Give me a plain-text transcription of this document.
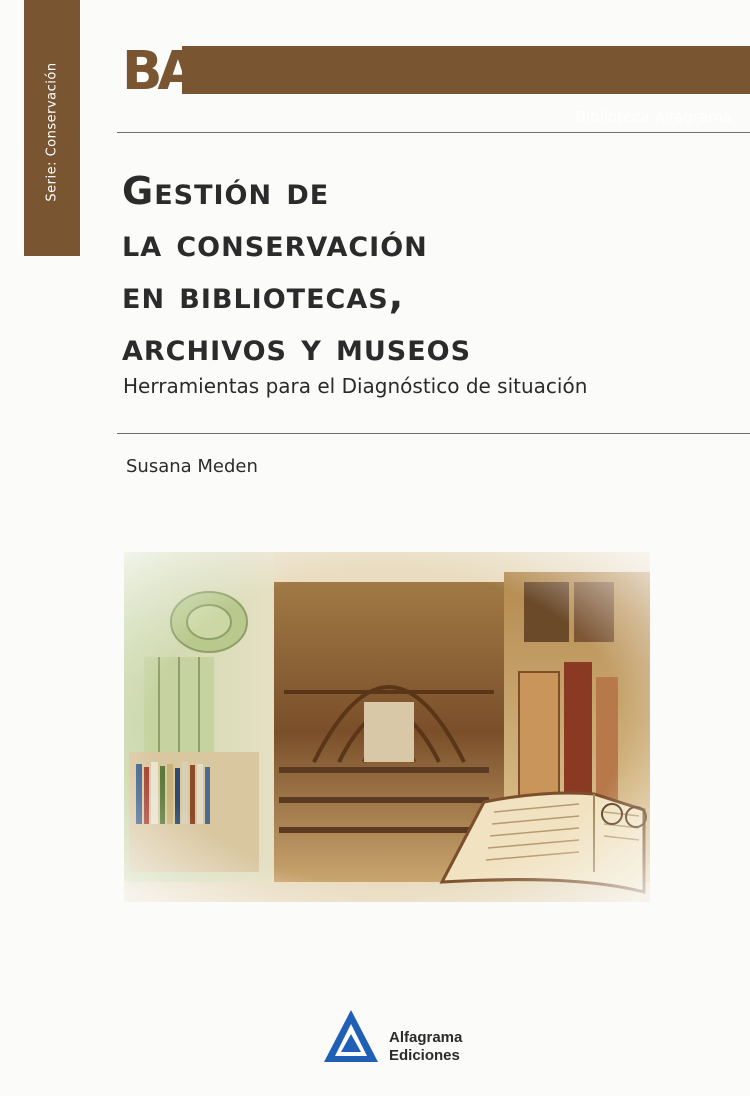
Serie: Conservación	Biblioteca Alfagrama
BA
Gestión de
la conservación
en bibliotecas,
archivos y museos
Herramientas para el Diagnóstico de situación
Susana Meden
Alfagrama
Ediciones
